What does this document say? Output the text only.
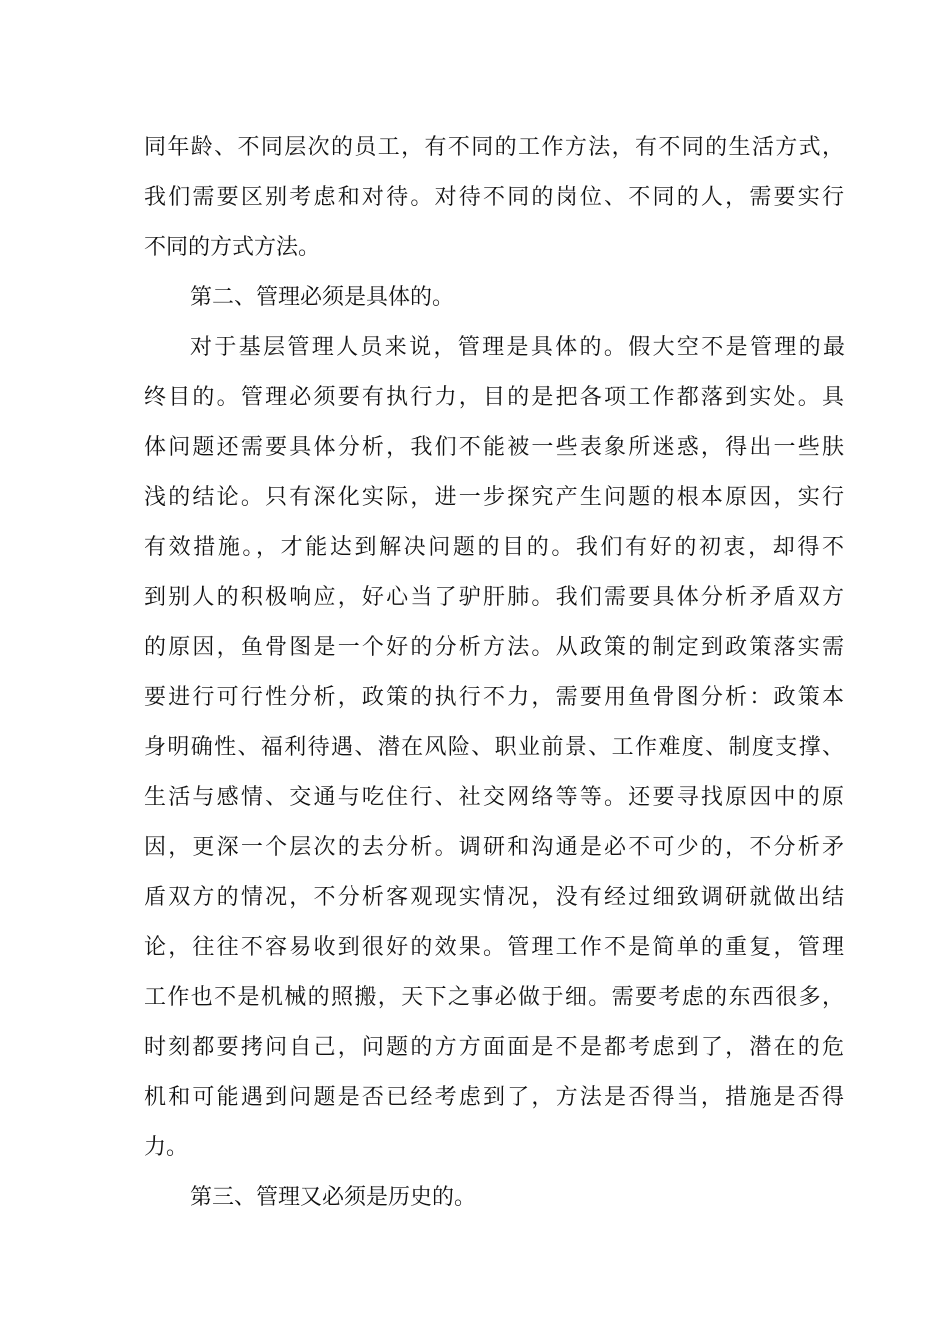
同年龄、不同层次的员工，有不同的工作方法，有不同的生活方式，
我们需要区别考虑和对待。对待不同的岗位、不同的人，需要实行
不同的方式方法。
第二、管理必须是具体的。
对于基层管理人员来说，管理是具体的。假大空不是管理的最
终目的。管理必须要有执行力，目的是把各项工作都落到实处。具
体问题还需要具体分析，我们不能被一些表象所迷惑，得出一些肤
浅的结论。只有深化实际，进一步探究产生问题的根本原因，实行
有效措施。，才能达到解决问题的目的。我们有好的初衷，却得不
到别人的积极响应，好心当了驴肝肺。我们需要具体分析矛盾双方
的原因，鱼骨图是一个好的分析方法。从政策的制定到政策落实需
要进行可行性分析，政策的执行不力，需要用鱼骨图分析：政策本
身明确性、福利待遇、潜在风险、职业前景、工作难度、制度支撑、
生活与感情、交通与吃住行、社交网络等等。还要寻找原因中的原
因，更深一个层次的去分析。调研和沟通是必不可少的，不分析矛
盾双方的情况，不分析客观现实情况，没有经过细致调研就做出结
论，往往不容易收到很好的效果。管理工作不是简单的重复，管理
工作也不是机械的照搬，天下之事必做于细。需要考虑的东西很多，
时刻都要拷问自己，问题的方方面面是不是都考虑到了，潜在的危
机和可能遇到问题是否已经考虑到了，方法是否得当，措施是否得
力。
第三、管理又必须是历史的。
